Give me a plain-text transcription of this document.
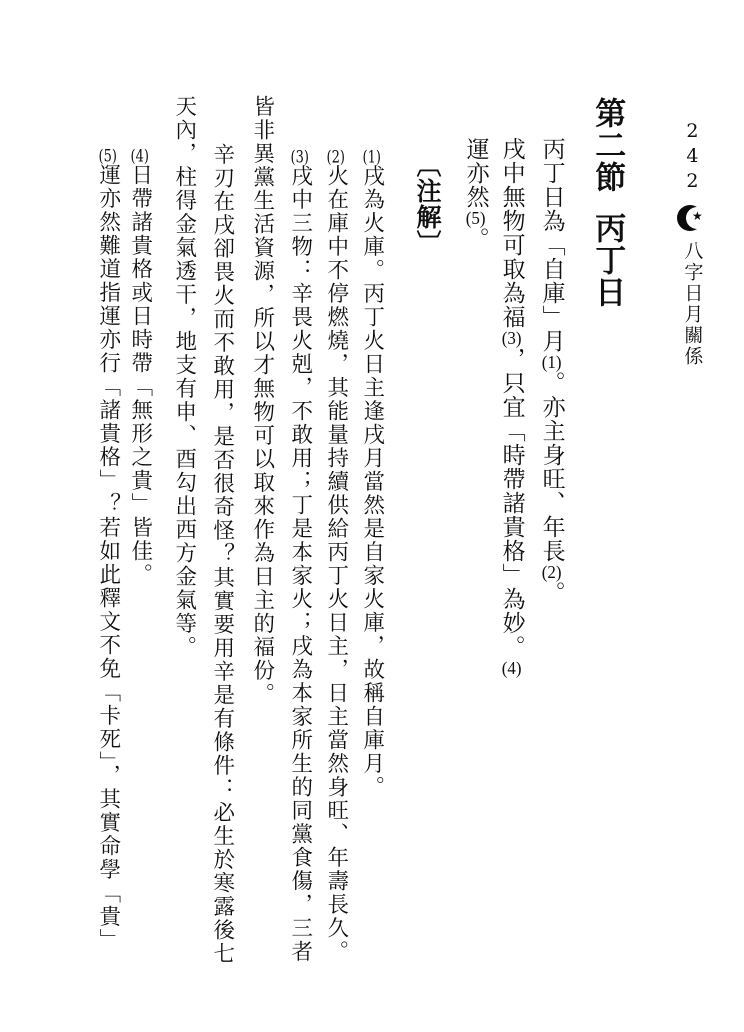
242
★
八字日月關係
第二節
丙丁日
丙丁日為「自庫」月(1)。亦主身旺、年長(2)。
戌中無物可取為福(3)，只宜「時帶諸貴格」為妙。(4)
運亦然(5)。
〔注解〕
(1)戌為火庫。丙丁火日主逢戌月當然是自家火庫，故稱自庫月。
(2)火在庫中不停燃燒，其能量持續供給丙丁火日主，日主當然身旺、年壽長久。
(3)戌中三物：辛畏火剋，不敢用；丁是本家火；戌為本家所生的同黨食傷，三者
皆非異黨生活資源，所以才無物可以取來作為日主的福份。
辛刃在戌卻畏火而不敢用，是否很奇怪？其實要用辛是有條件：必生於寒露後七
天內，柱得金氣透干，地支有申、酉勾出西方金氣等。
(4)日帶諸貴格或日時帶「無形之貴」皆佳。
(5)運亦然難道指運亦行「諸貴格」？若如此釋文不免「卡死」，其實命學「貴」
